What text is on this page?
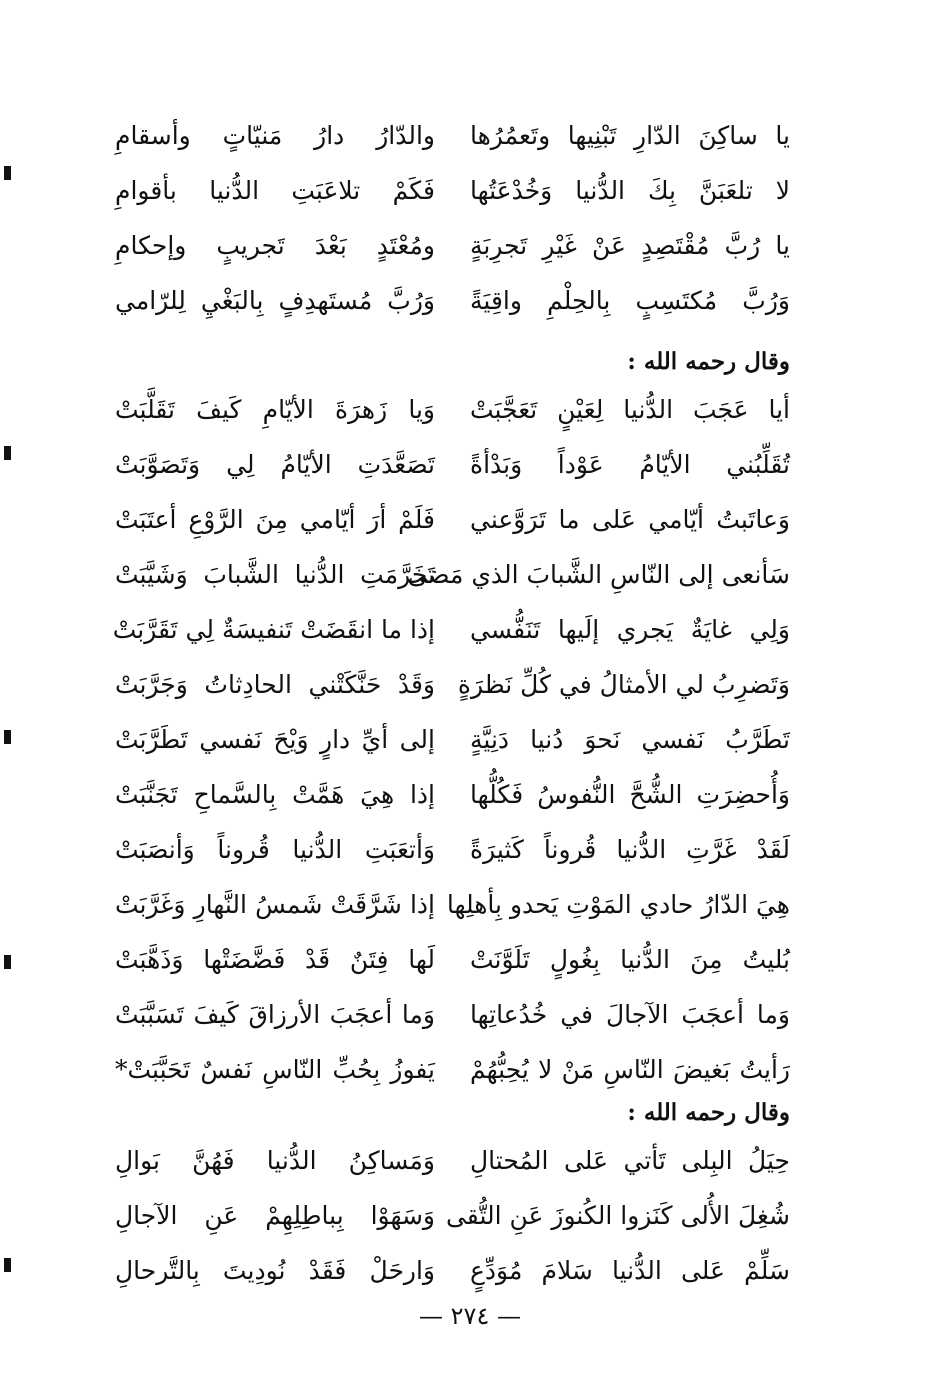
يا ساكِنَ الدّارِ تَبْنِيها وتَعمُرُها
والدّارُ دارُ مَنيّاتٍ وأسقامِ
لا تلعَبَنَّ بِكَ الدُّنيا وَخُدْعَتُها
فَكَمْ تلاعَبَتِ الدُّنيا بأقوامِ
يا رُبَّ مُقْتَصِدٍ عَنْ غَيْرِ تَجرِبَةٍ
ومُعْتَدٍ بَعْدَ تَجريبٍ وإحكامِ
وَرُبَّ مُكتَسِبٍ بِالحِلْمِ واقِيَةً
وَرُبَّ مُستَهدِفٍ بِالبَغْيِ لِلرّامي
وقال رحمه الله :
أيا عَجَبَ الدُّنيا لِعَيْنٍ تَعَجَّبَتْ
وَيا زَهرَةَ الأيّامِ كَيفَ تَقَلَّبَتْ
تُقَلِّبُني الأيّامُ عَوْداً وَبَدْأةً
تَصَعَّدَتِ الأيّامُ لِي وَتَصَوَّبَتْ
وَعاتَبتُ أيّامي عَلى ما تَرَوَّعني
فَلَمْ أرَ أيّامي مِنَ الرَّوْعِ أعتَبَتْ
سَأنعى إلى النّاسِ الشَّبابَ الذي مَضى
تَخَرَّمَتِ الدُّنيا الشَّبابَ وَشَيَّبَتْ
وَلِي غايَةٌ يَجري إلَيها تَنَفُّسي
إذا ما انقَضَتْ تَنفيسَةٌ لِي تَقَرَّبَتْ
وَتَضرِبُ لي الأمثالُ في كُلِّ نَظرَةٍ
وَقَدْ حَنَّكَتْني الحادِثاتُ وَجَرَّبَتْ
تَطَرَّبُ نَفسي نَحوَ دُنيا دَنِيَّةٍ
إلى أيِّ دارٍ وَيْحَ نَفسي تَطَرَّبَتْ
وَأُحضِرَتِ الشُّحَّ النُّفوسُ فَكُلُّها
إذا هِيَ هَمَّتْ بِالسَّماحِ تَجَنَّبَتْ
لَقَدْ غَرَّتِ الدُّنيا قُروناً كَثيرَةً
وَأتعَبَتِ الدُّنيا قُروناً وَأنصَبَتْ
هِيَ الدّارُ حادي المَوْتِ يَحدو بِأهلِها
إذا شَرَّقَتْ شَمسُ النَّهارِ وَغَرَّبَتْ
بُليتُ مِنَ الدُّنيا بِغُولٍ تَلَوَّنَتْ
لَها فِتَنٌ قَدْ فَضَّضَتْها وَذَهَّبَتْ
وَما أعجَبَ الآجالَ في خُدُعاتِها
وَما أعجَبَ الأرزاقَ كَيفَ تَسَبَّبَتْ
رَأيتُ بَغيضَ النّاسِ مَنْ لا يُحِبُّهُمْ
يَفوزُ بِحُبِّ النّاسِ نَفسٌ تَحَبَّبَتْ*
وقال رحمه الله :
حِيَلُ البِلى تَأتي عَلى المُحتالِ
وَمَساكِنُ الدُّنيا فَهُنَّ بَوالِ
شُغِلَ الأُلى كَنَزوا الكُنوزَ عَنِ التُّقى
وَسَهَوْا بِباطِلِهِمْ عَنِ الآجالِ
سَلِّمْ عَلى الدُّنيا سَلامَ مُوَدِّعٍ
وَارحَلْ فَقَدْ نُودِيتَ بِالتَّرحالِ
— ٢٧٤ —
